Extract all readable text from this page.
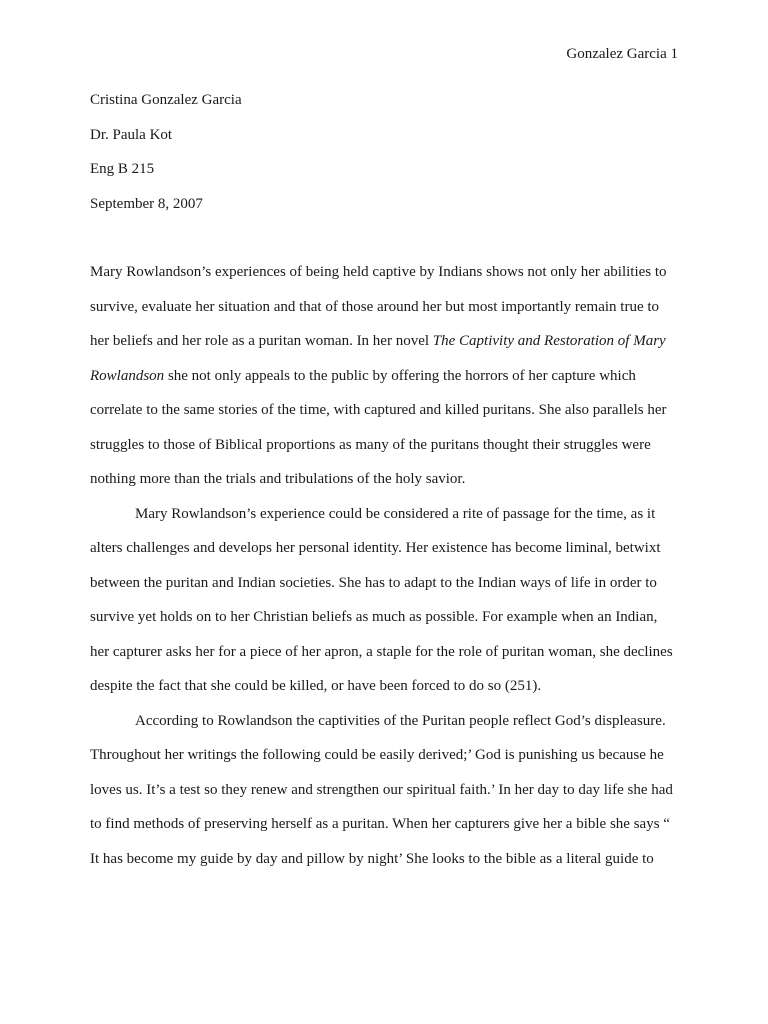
Gonzalez Garcia 1
Cristina Gonzalez Garcia
Dr. Paula Kot
Eng B 215
September 8, 2007
Mary Rowlandson’s experiences of being held captive by Indians shows not only her abilities to
survive, evaluate her situation and that of those around her but most importantly remain true to
her beliefs and her role as a puritan woman. In her novel The Captivity and Restoration of Mary
Rowlandson she not only appeals to the public by offering the horrors of her capture which
correlate to the same stories of the time, with captured and killed puritans. She also parallels her
struggles to those of Biblical proportions as many of the puritans thought their struggles were
nothing more than the trials and tribulations of the holy savior.
Mary Rowlandson’s experience could be considered a rite of passage for the time, as it
alters challenges and develops her personal identity. Her existence has become liminal, betwixt
between the puritan and Indian societies. She has to adapt to the Indian ways of life in order to
survive yet holds on to her Christian beliefs as much as possible. For example when an Indian,
her capturer asks her for a piece of her apron, a staple for the role of puritan woman, she declines
despite the fact that she could be killed, or have been forced to do so (251).
According to Rowlandson the captivities of the Puritan people reflect God’s displeasure.
Throughout her writings the following could be easily derived;’ God is punishing us because he
loves us. It’s a test so they renew and strengthen our spiritual faith.’ In her day to day life she had
to find methods of preserving herself as a puritan. When her capturers give her a bible she says “
It has become my guide by day and pillow by night’ She looks to the bible as a literal guide to
